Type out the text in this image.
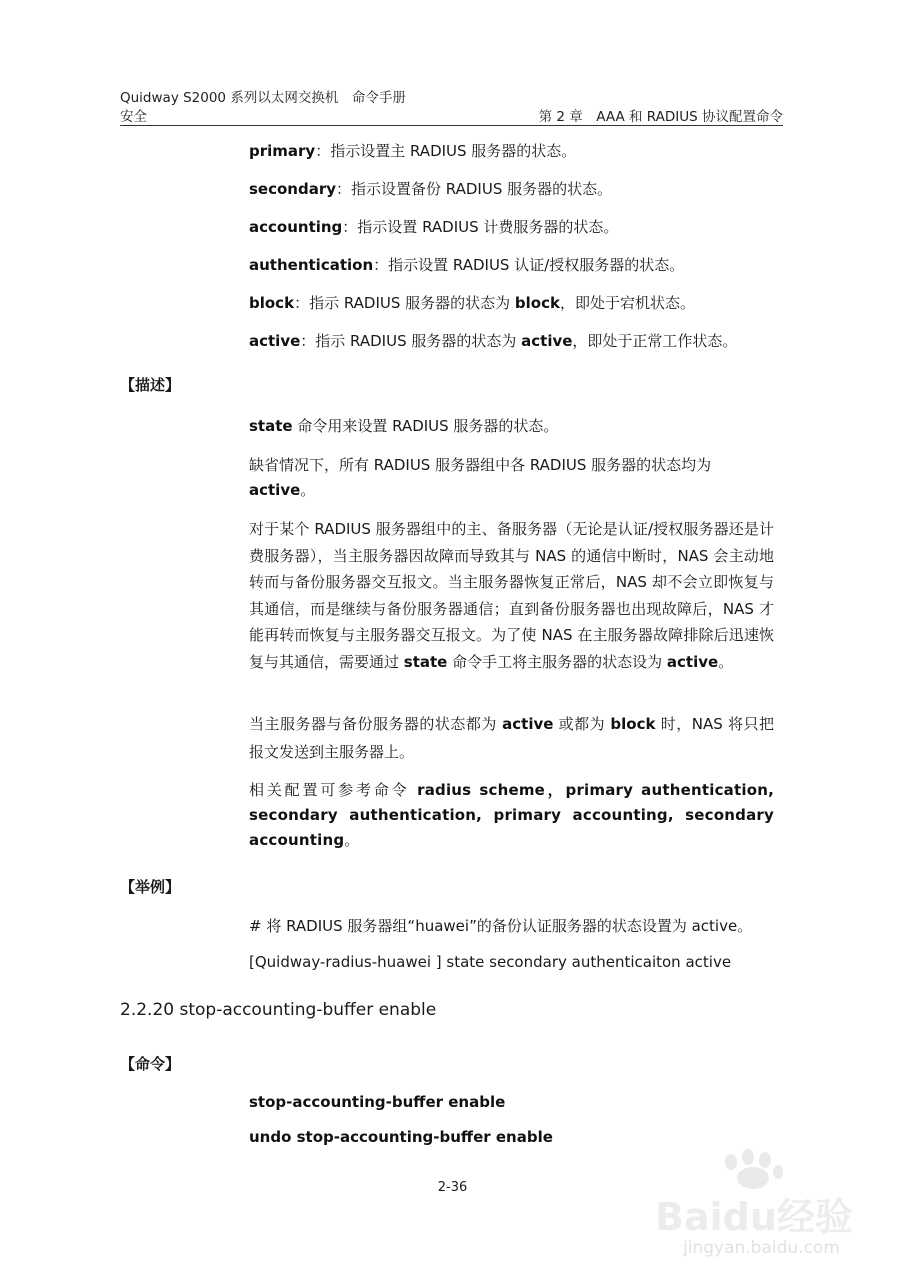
Quidway S2000 系列以太网交换机　命令手册
安全	第 2 章　AAA 和 RADIUS 协议配置命令
primary：指示设置主 RADIUS 服务器的状态。
secondary：指示设置备份 RADIUS 服务器的状态。
accounting：指示设置 RADIUS 计费服务器的状态。
authentication：指示设置 RADIUS 认证/授权服务器的状态。
block：指示 RADIUS 服务器的状态为 block，即处于宕机状态。
active：指示 RADIUS 服务器的状态为 active，即处于正常工作状态。
【描述】
state 命令用来设置 RADIUS 服务器的状态。
缺省情况下，所有 RADIUS 服务器组中各 RADIUS 服务器的状态均为
active。
对于某个 RADIUS 服务器组中的主、备服务器（无论是认证/授权服务器还是计费服务器），当主服务器因故障而导致其与 NAS 的通信中断时，NAS 会主动地转而与备份服务器交互报文。当主服务器恢复正常后，NAS 却不会立即恢复与其通信，而是继续与备份服务器通信；直到备份服务器也出现故障后，NAS 才能再转而恢复与主服务器交互报文。为了使 NAS 在主服务器故障排除后迅速恢复与其通信，需要通过 state 命令手工将主服务器的状态设为 active。
当主服务器与备份服务器的状态都为 active 或都为 block 时，NAS 将只把报文发送到主服务器上。
相关配置可参考命令 radius scheme，primary authentication, secondary authentication, primary accounting, secondary accounting。
【举例】
# 将 RADIUS 服务器组“huawei”的备份认证服务器的状态设置为 active。
[Quidway-radius-huawei ] state secondary authenticaiton active
2.2.20 stop-accounting-buffer enable
【命令】
stop-accounting-buffer enable
undo stop-accounting-buffer enable
2-36
Baidu经验
jingyan.baidu.com
